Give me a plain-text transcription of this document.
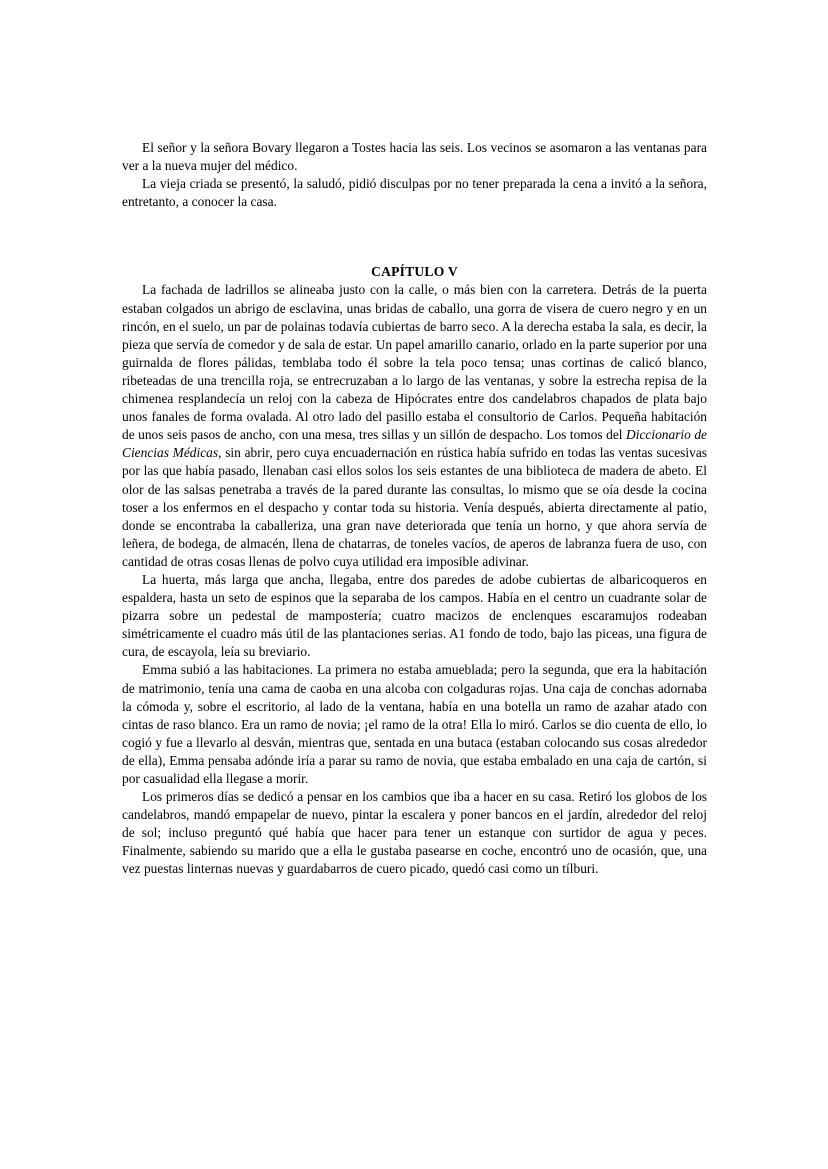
El señor y la señora Bovary llegaron a Tostes hacia las seis. Los vecinos se asomaron a las ventanas para ver a la nueva mujer del médico.

La vieja criada se presentó, la saludó, pidió disculpas por no tener preparada la cena a invitó a la señora, entretanto, a conocer la casa.

CAPÍTULO V

La fachada de ladrillos se alineaba justo con la calle, o más bien con la carretera. Detrás de la puerta estaban colgados un abrigo de esclavina, unas bridas de caballo, una gorra de visera de cuero negro y en un rincón, en el suelo, un par de polainas todavía cubiertas de barro seco. A la derecha estaba la sala, es decir, la pieza que servía de comedor y de sala de estar. Un papel amarillo canario, orlado en la parte superior por una guirnalda de flores pálidas, temblaba todo él sobre la tela poco tensa; unas cortinas de calicó blanco, ribeteadas de una trencilla roja, se entrecruzaban a lo largo de las ventanas, y sobre la estrecha repisa de la chimenea resplandecía un reloj con la cabeza de Hipócrates entre dos candelabros chapados de plata bajo unos fanales de forma ovalada. Al otro lado del pasillo estaba el consultorio de Carlos. Pequeña habitación de unos seis pasos de ancho, con una mesa, tres sillas y un sillón de despacho. Los tomos del Diccionario de Ciencias Médicas, sin abrir, pero cuya encuadernación en rústica había sufrido en todas las ventas sucesivas por las que había pasado, llenaban casi ellos solos los seis estantes de una biblioteca de madera de abeto. El olor de las salsas penetraba a través de la pared durante las consultas, lo mismo que se oía desde la cocina toser a los enfermos en el despacho y contar toda su historia. Venía después, abierta directamente al patio, donde se encontraba la caballeriza, una gran nave deteriorada que tenía un horno, y que ahora servía de leñera, de bodega, de almacén, llena de chatarras, de toneles vacíos, de aperos de labranza fuera de uso, con cantidad de otras cosas llenas de polvo cuya utilidad era imposible adivinar.

La huerta, más larga que ancha, llegaba, entre dos paredes de adobe cubiertas de albaricoqueros en espaldera, hasta un seto de espinos que la separaba de los campos. Había en el centro un cuadrante solar de pizarra sobre un pedestal de mampostería; cuatro macizos de enclenques escaramujos rodeaban simétricamente el cuadro más útil de las plantaciones serias. A1 fondo de todo, bajo las piceas, una figura de cura, de escayola, leía su breviario.

Emma subió a las habitaciones. La primera no estaba amueblada; pero la segunda, que era la habitación de matrimonio, tenía una cama de caoba en una alcoba con colgaduras rojas. Una caja de conchas adornaba la cómoda y, sobre el escritorio, al lado de la ventana, había en una botella un ramo de azahar atado con cintas de raso blanco. Era un ramo de novia; ¡el ramo de la otra! Ella lo miró. Carlos se dio cuenta de ello, lo cogió y fue a llevarlo al desván, mientras que, sentada en una butaca (estaban colocando sus cosas alrededor de ella), Emma pensaba adónde iría a parar su ramo de novia, que estaba embalado en una caja de cartón, si por casualidad ella llegase a morir.

Los primeros días se dedicó a pensar en los cambios que iba a hacer en su casa. Retiró los globos de los candelabros, mandó empapelar de nuevo, pintar la escalera y poner bancos en el jardín, alrededor del reloj de sol; incluso preguntó qué había que hacer para tener un estanque con surtidor de agua y peces. Finalmente, sabiendo su marido que a ella le gustaba pasearse en coche, encontró uno de ocasión, que, una vez puestas linternas nuevas y guardabarros de cuero picado, quedó casi como un tílburi.
